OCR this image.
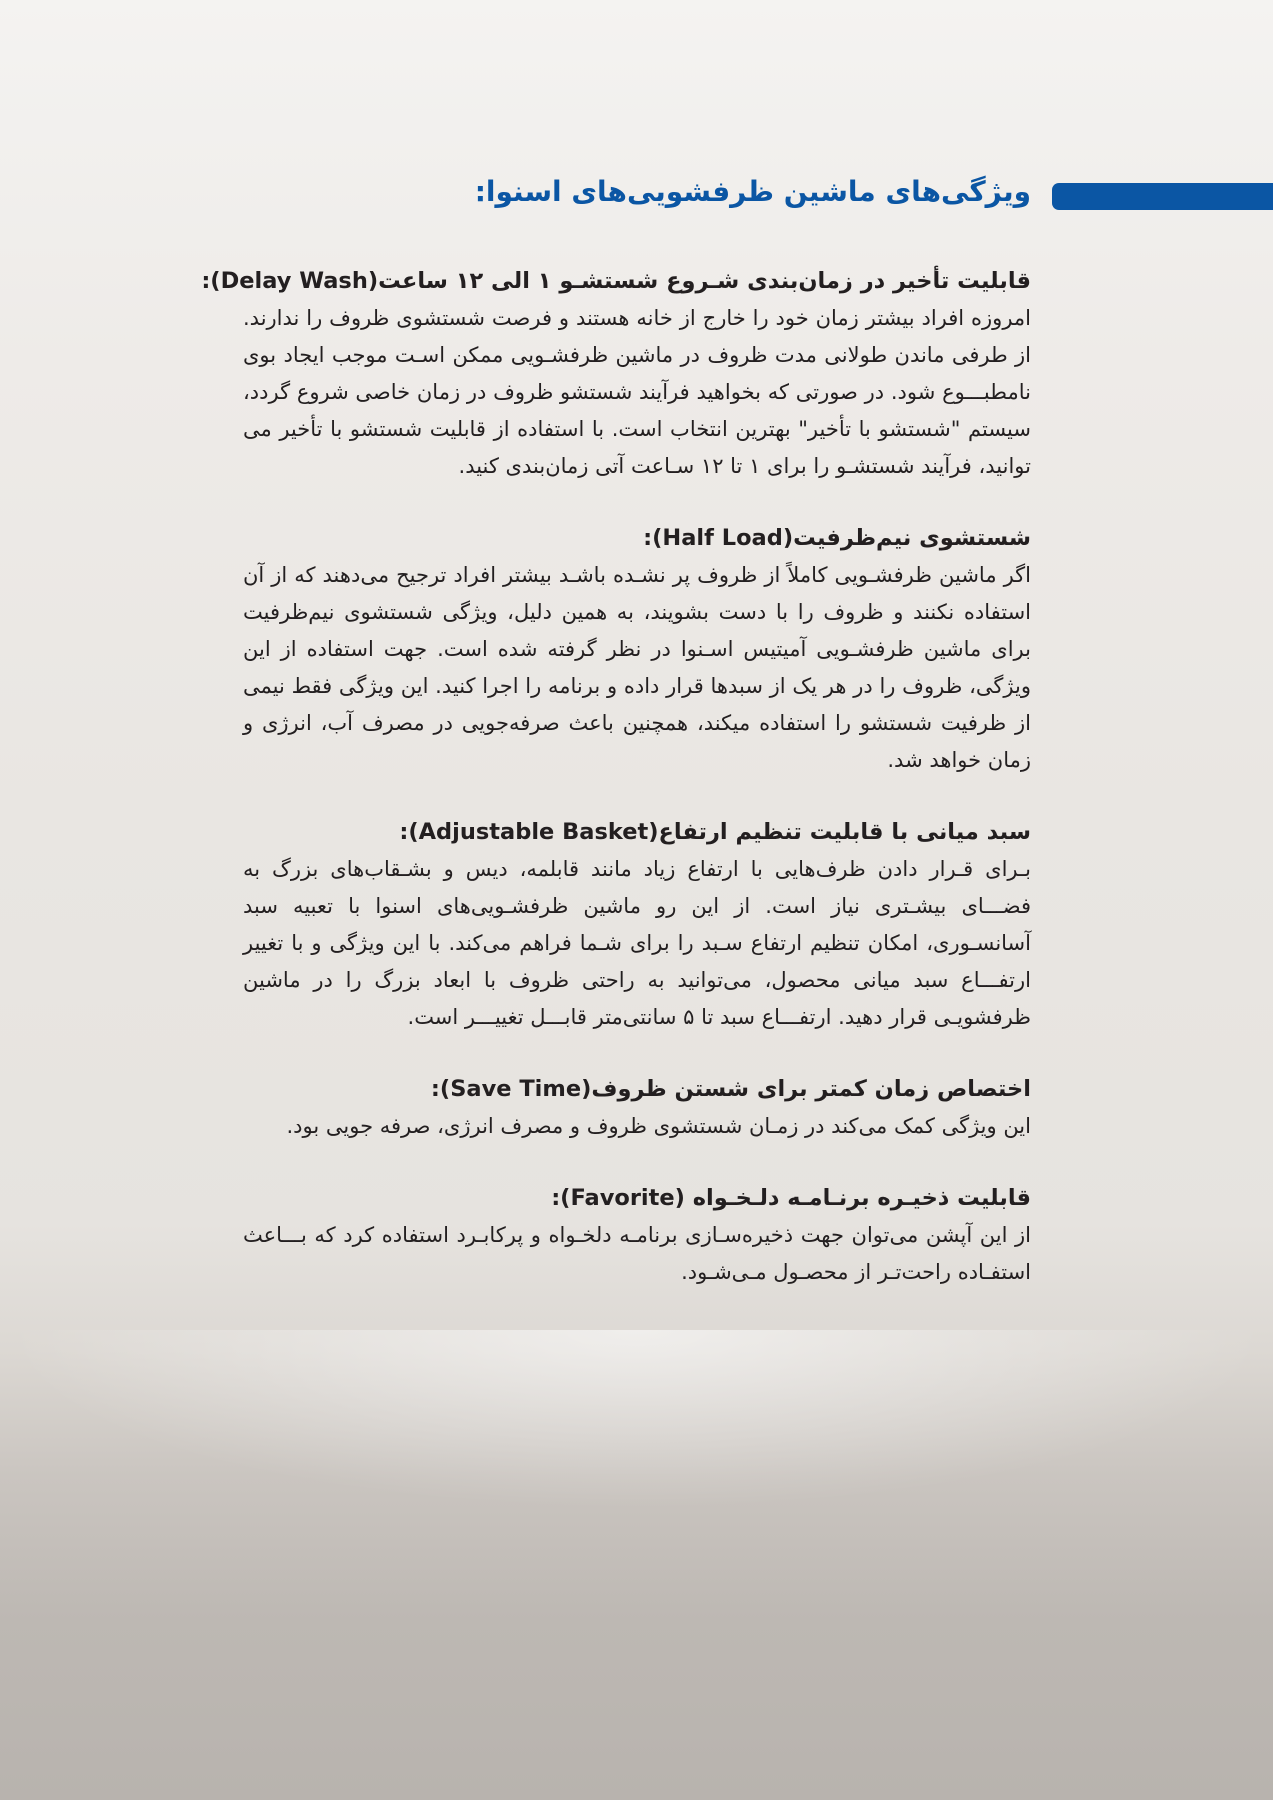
ویژگی‌های ماشین ظرفشویی‌های اسنوا:
قابلیت تأخیر در زمان‌بندی شـروع شستشـو ۱ الی ۱۲ ساعت(Delay Wash):
امروزه افراد بیشتر زمان خود را خارج از خانه هستند و فرصت شستشوی ظروف را ندارند. از طرفی ماندن طولانی مدت ظروف در ماشین ظرفشـویی ممکن اسـت موجب ایجاد بوی نامطبـــوع شود. در صورتی که بخواهید فرآیند شستشو ظروف در زمان خاصی شروع گردد، سیستم "شستشو با تأخیر" بهترین انتخاب است. با استفاده از قابلیت شستشو با تأخیر می توانید، فرآیند شستشـو را برای ۱ تا ۱۲ سـاعت آتی زمان‌بندی کنید.
شستشوی نیم‌ظرفیت(Half Load):
اگر ماشین ظرفشـویی کاملاً از ظروف پر نشـده باشـد بیشتر افراد ترجیح می‌دهند که از آن استفاده نکنند و ظروف را با دست بشویند، به همین دلیل، ویژگی شستشوی نیم‌ظرفیت برای ماشین ظرفشـویی آمیتیس اسـنوا در نظر گرفته شده است. جهت استفاده از این ویژگی، ظروف را در هر یک از سبدها قرار داده و برنامه را اجرا کنید. این ویژگی فقط نیمی از ظرفیت شستشو را استفاده میکند، همچنین باعث صرفه‌جویی در مصرف آب، انرژی و زمان خواهد شد.
سبد میانی با قابلیت تنظیم ارتفاع(Adjustable Basket):
بـرای قـرار دادن ظرف‌هایی با ارتفاع زیاد مانند قابلمه، دیس و بشـقاب‌های بزرگ به فضـــای بیشـتری نیاز است. از این رو ماشین ظرفشـویی‌های اسنوا با تعبیه سبد آسانسـوری، امکان تنظیم ارتفاع سـبد را برای شـما فراهم می‌کند. با این ویژگی و با تغییر ارتفـــاع سبد میانی محصول، می‌توانید به راحتی ظروف با ابعاد بزرگ را در ماشین ظرفشویـی قرار دهید. ارتفـــاع سبد تا ۵ سانتی‌متر قابـــل تغییـــر است.
اختصاص زمان کمتر برای شستن ظروف(Save Time):
این ویژگی کمک می‌کند در زمـان شستشوی ظروف و مصرف انرژی، صرفه جویی بود.
قابلیت ذخیـره برنـامـه دلـخـواه (Favorite):
از این آپشن می‌توان جهت ذخیره‌سـازی برنامـه دلخـواه و پرکابـرد استفاده کرد که بـــاعث استفـاده راحت‌تـر از محصـول مـی‌شـود.
